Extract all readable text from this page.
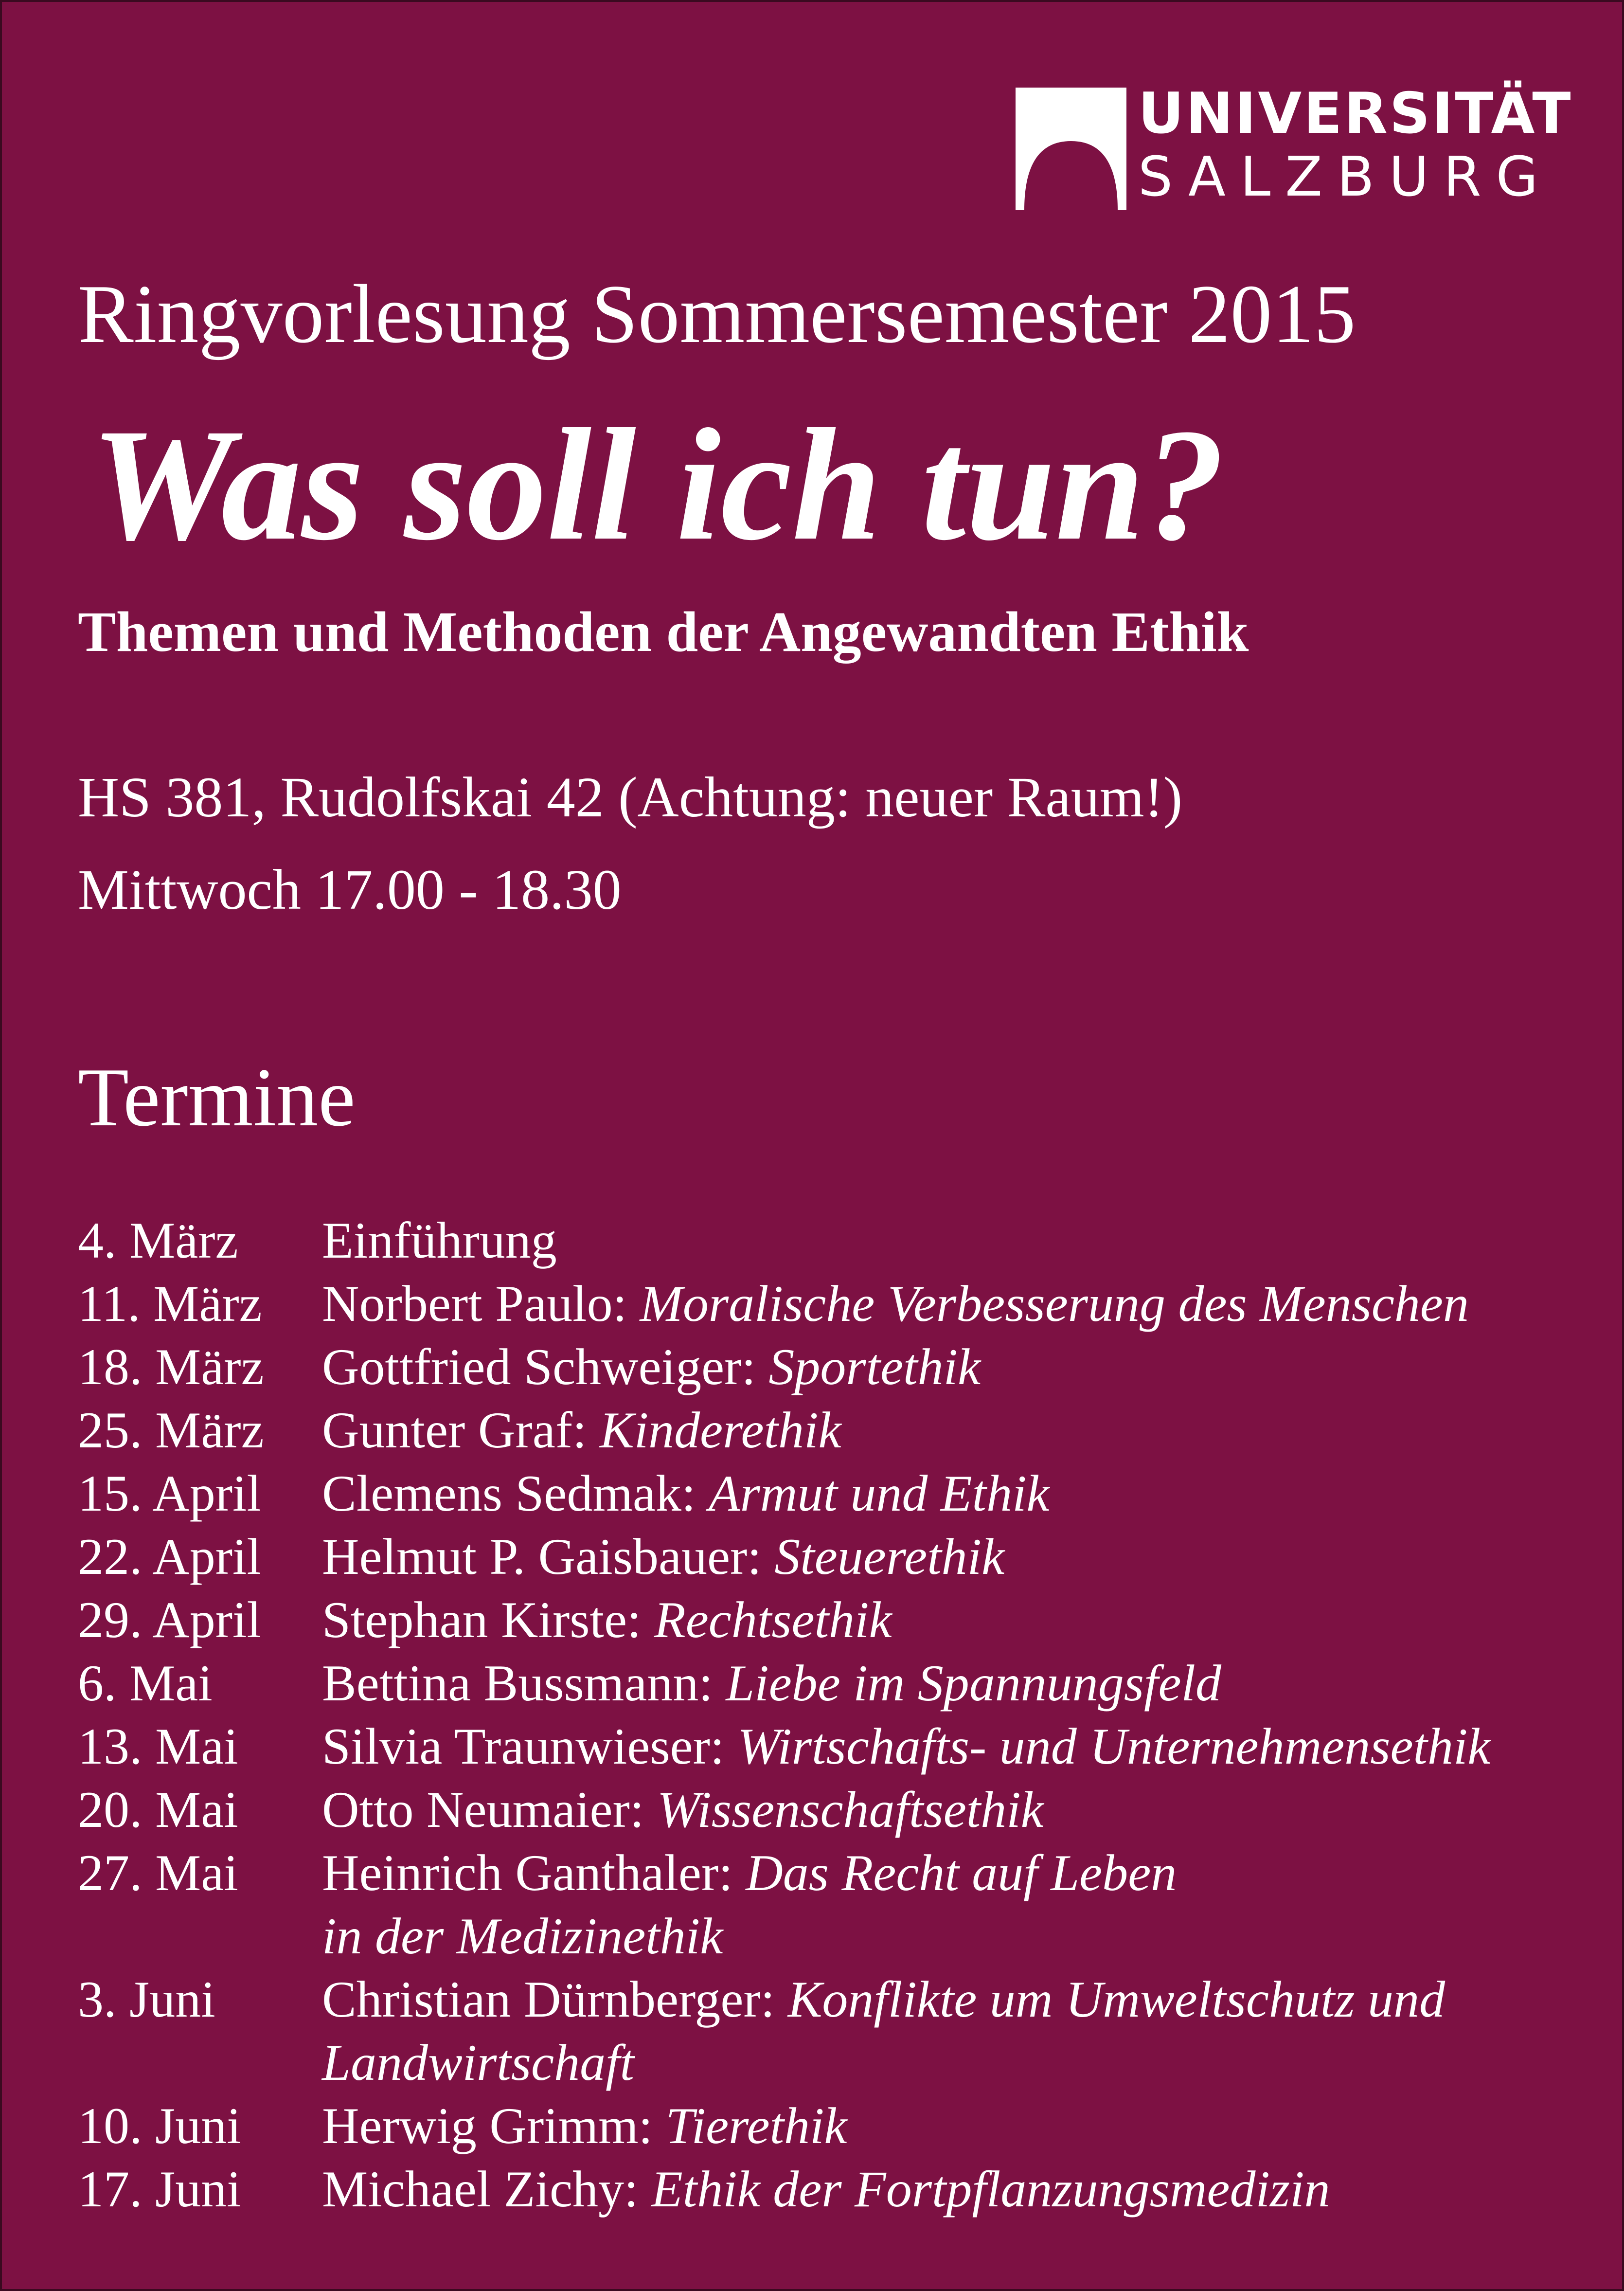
UNIVERSITÄT
SALZBURG
Ringvorlesung Sommersemester 2015
Was soll ich tun?
Themen und Methoden der Angewandten Ethik
HS 381, Rudolfskai 42 (Achtung: neuer Raum!)
Mittwoch 17.00 - 18.30
Termine
4. März	Einführung
11. März	Norbert Paulo: Moralische Verbesserung des Menschen
18. März	Gottfried Schweiger: Sportethik
25. März	Gunter Graf: Kinderethik
15. April	Clemens Sedmak: Armut und Ethik
22. April	Helmut P. Gaisbauer: Steuerethik
29. April	Stephan Kirste: Rechtsethik
6. Mai	Bettina Bussmann: Liebe im Spannungsfeld
13. Mai	Silvia Traunwieser: Wirtschafts- und Unternehmensethik
20. Mai	Otto Neumaier: Wissenschaftsethik
27. Mai	Heinrich Ganthaler: Das Recht auf Leben
in der Medizinethik
3. Juni	Christian Dürnberger: Konflikte um Umweltschutz und
Landwirtschaft
10. Juni	Herwig Grimm: Tierethik
17. Juni	Michael Zichy: Ethik der Fortpflanzungsmedizin
